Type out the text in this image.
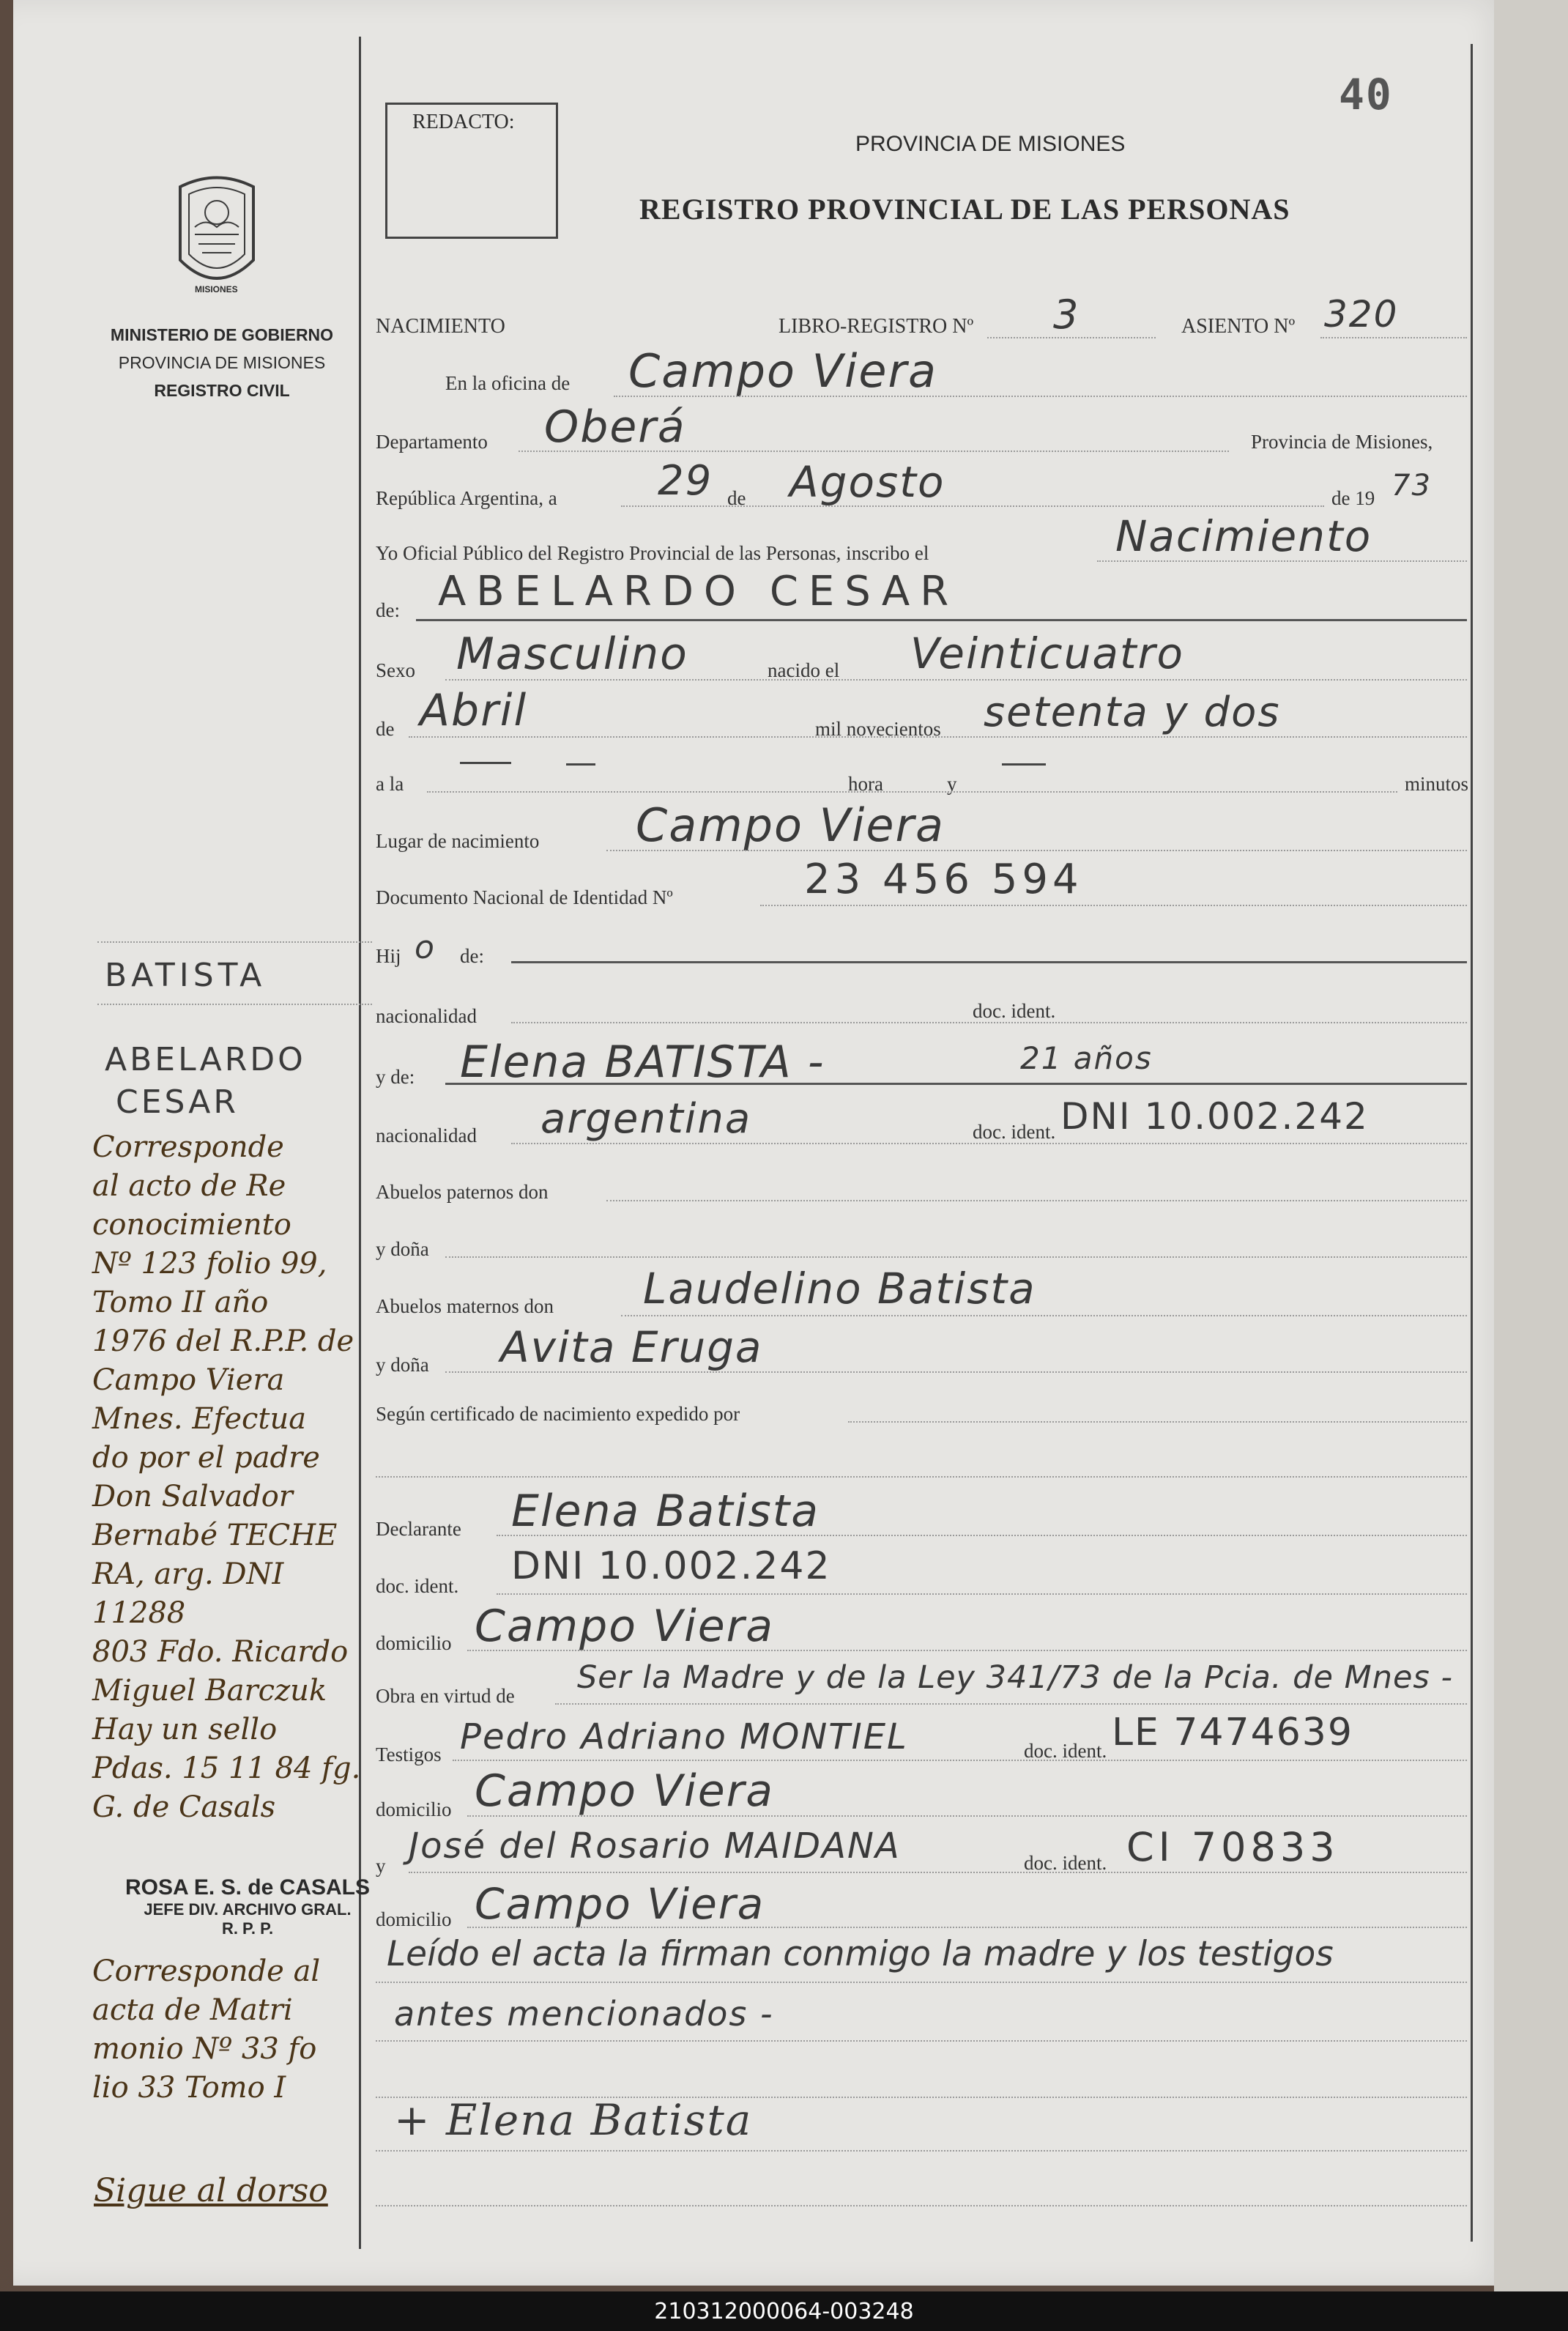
40
REDACTO:
PROVINCIA DE MISIONES
REGISTRO PROVINCIAL DE LAS PERSONAS
MISIONES
MINISTERIO DE GOBIERNO
PROVINCIA DE MISIONES
REGISTRO CIVIL
NACIMIENTO	LIBRO-REGISTRO Nº 3	ASIENTO Nº 320
En la oficina de Campo Viera
Departamento Oberá	Provincia de Misiones,
República Argentina, a 29 de Agosto	de 19 73
Yo Oficial Público del Registro Provincial de las Personas, inscribo el	Nacimiento
de: ABELARDO CESAR
Sexo Masculino	nacido el Veinticuatro
de Abril	mil novecientos setenta y dos
a la	hora	y	minutos
Lugar de nacimiento Campo Viera
Documento Nacional de Identidad Nº	23 456 594
Hij o de:
nacionalidad	doc. ident.
y de: Elena BATISTA -	21 años
nacionalidad argentina	doc. ident. DNI 10.002.242
Abuelos paternos don
y doña
Abuelos maternos don Laudelino Batista
y doña Avita Eruga
Según certificado de nacimiento expedido por
Declarante Elena Batista
doc. ident. DNI 10.002.242
domicilio Campo Viera
Obra en virtud de Ser la Madre y de la Ley 341/73 de la Pcia. de Mnes -
Testigos Pedro Adriano MONTIEL	doc. ident. LE 7474639
domicilio Campo Viera
y José del Rosario MAIDANA	doc. ident. CI 70833
domicilio Campo Viera
Leído el acta la firman conmigo la madre y los testigos
antes mencionados -
+ Elena Batista
BATISTA
ABELARDO
CESAR
Corresponde
al acto de Re
conocimiento
Nº 123 folio 99,
Tomo II año
1976 del R.P.P. de
Campo Viera
Mnes. Efectua
do por el padre
Don Salvador
Bernabé TECHE
RA, arg. DNI 11288
803 Fdo. Ricardo
Miguel Barczuk
Hay un sello
Pdas. 15 11 84 fg.
G. de Casals
ROSA E. S. de CASALS
JEFE DIV. ARCHIVO GRAL.
R. P. P.
Corresponde al
acta de Matri
monio Nº 33 fo
lio 33 Tomo I
Sigue al dorso
210312000064-003248
